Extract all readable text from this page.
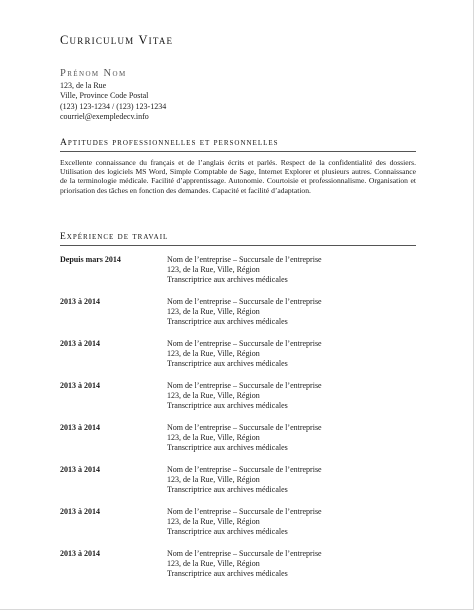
Curriculum Vitae
Prénom Nom
123, de la Rue
Ville, Province Code Postal
(123) 123-1234 / (123) 123-1234
courriel@exempledecv.info
Aptitudes professionnelles et personnelles
Excellente connaissance du français et de l’anglais écrits et parlés. Respect de la confidentialité des dossiers. Utilisation des logiciels MS Word, Simple Comptable de Sage, Internet Explorer et plusieurs autres. Connaissance de la terminologie médicale. Facilité d’apprentissage. Autonomie. Courtoisie et professionnalisme. Organisation et priorisation des tâches en fonction des demandes. Capacité et facilité d’adaptation.
Expérience de travail
Depuis mars 2014	Nom de l’entreprise – Succursale de l’entreprise
123, de la Rue, Ville, Région
Transcriptrice aux archives médicales
2013 à 2014	Nom de l’entreprise – Succursale de l’entreprise
123, de la Rue, Ville, Région
Transcriptrice aux archives médicales
2013 à 2014	Nom de l’entreprise – Succursale de l’entreprise
123, de la Rue, Ville, Région
Transcriptrice aux archives médicales
2013 à 2014	Nom de l’entreprise – Succursale de l’entreprise
123, de la Rue, Ville, Région
Transcriptrice aux archives médicales
2013 à 2014	Nom de l’entreprise – Succursale de l’entreprise
123, de la Rue, Ville, Région
Transcriptrice aux archives médicales
2013 à 2014	Nom de l’entreprise – Succursale de l’entreprise
123, de la Rue, Ville, Région
Transcriptrice aux archives médicales
2013 à 2014	Nom de l’entreprise – Succursale de l’entreprise
123, de la Rue, Ville, Région
Transcriptrice aux archives médicales
2013 à 2014	Nom de l’entreprise – Succursale de l’entreprise
123, de la Rue, Ville, Région
Transcriptrice aux archives médicales
